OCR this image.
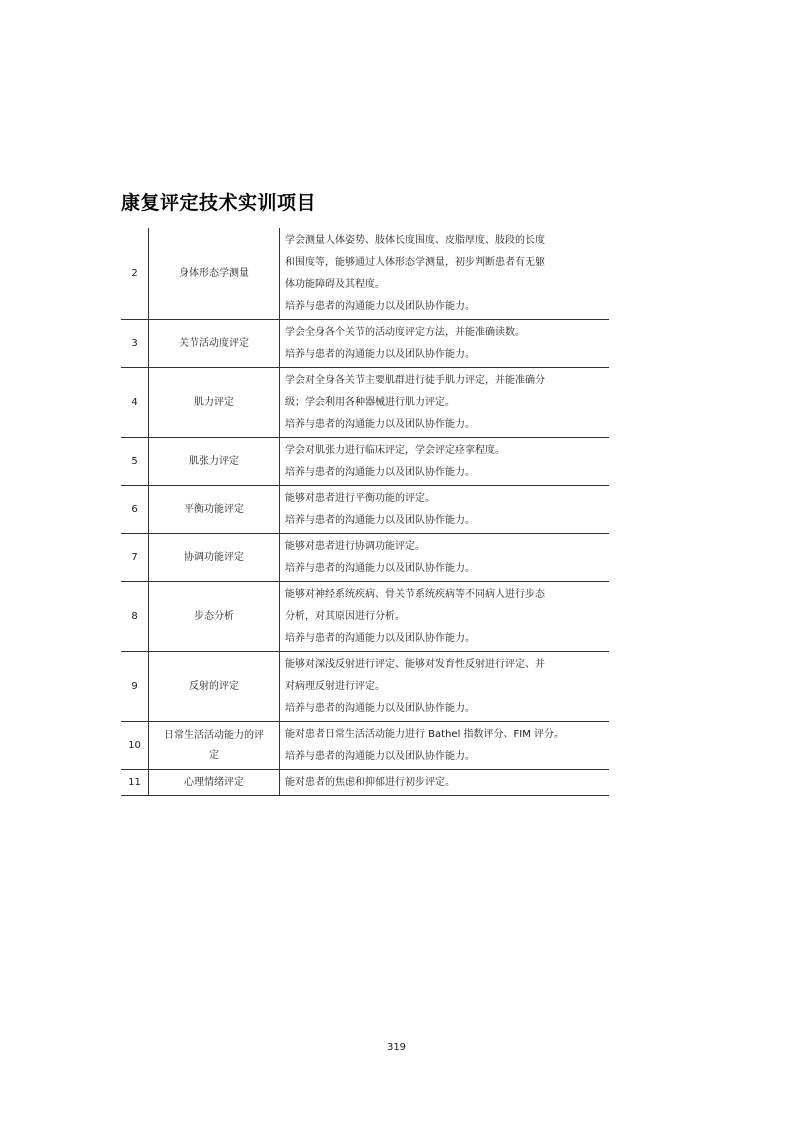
康复评定技术实训项目
2	身体形态学测量	学会测量人体姿势、肢体长度围度、皮脂厚度、肢段的长度
和围度等，能够通过人体形态学测量，初步判断患者有无躯
体功能障碍及其程度。
培养与患者的沟通能力以及团队协作能力。

3	关节活动度评定	学会全身各个关节的活动度评定方法，并能准确读数。
培养与患者的沟通能力以及团队协作能力。

4	肌力评定	学会对全身各关节主要肌群进行徒手肌力评定，并能准确分
级；学会利用各种器械进行肌力评定。
培养与患者的沟通能力以及团队协作能力。

5	肌张力评定	学会对肌张力进行临床评定，学会评定痉挛程度。
培养与患者的沟通能力以及团队协作能力。

6	平衡功能评定	能够对患者进行平衡功能的评定。
培养与患者的沟通能力以及团队协作能力。

7	协调功能评定	能够对患者进行协调功能评定。
培养与患者的沟通能力以及团队协作能力。

8	步态分析	能够对神经系统疾病、骨关节系统疾病等不同病人进行步态
分析，对其原因进行分析。
培养与患者的沟通能力以及团队协作能力。

9	反射的评定	能够对深浅反射进行评定、能够对发育性反射进行评定、并
对病理反射进行评定。
培养与患者的沟通能力以及团队协作能力。

10	日常生活活动能力的评定	能对患者日常生活活动能力进行 Bathel 指数评分、FIM 评分。
培养与患者的沟通能力以及团队协作能力。

11	心理情绪评定	能对患者的焦虑和抑郁进行初步评定。
319
